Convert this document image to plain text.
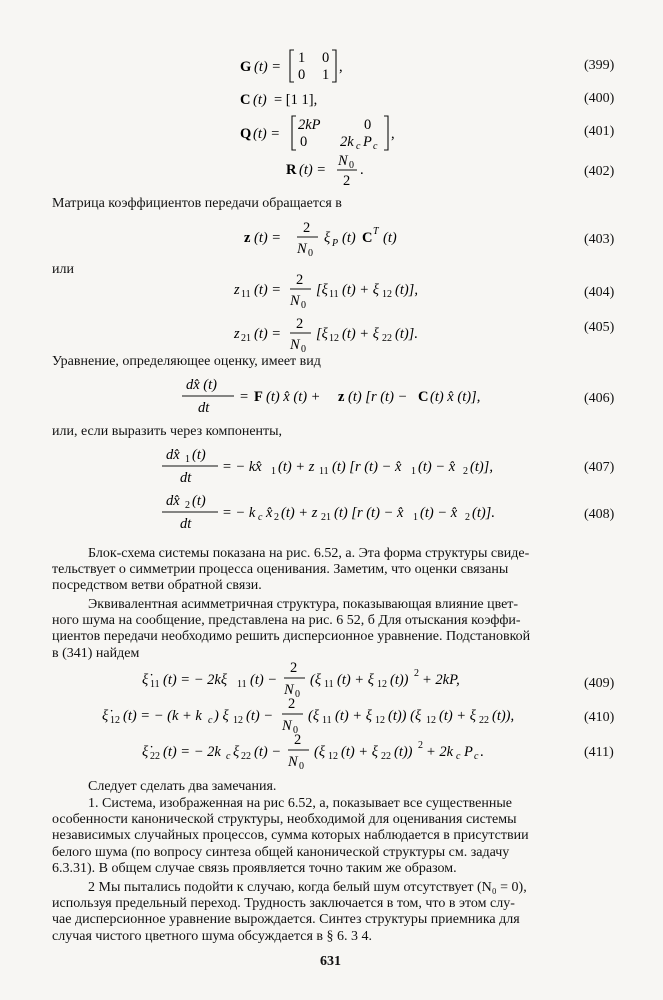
G (t) =
1 0
0 1 ,	(399)
C (t) = [1 1],	(400)
Q (t) =
2kP	0
0 2k c P c
,	(401)
R (t) =
N 0
2
.	(402)
Матрица коэффициентов передачи обращается в
z (t) =
2
N 0
ξ P (t) C T (t)	(403)
или
z 11 (t) =
2
N 0
[ξ 11 (t) + ξ 12 (t)],	(404)
z 21 (t) =
2
N 0
[ξ 12 (t) + ξ 22 (t)].	(405)
Уравнение, определяющее оценку, имеет вид
dx̂ (t)
dt
= F (t) x̂ (t) + z (t) [r (t) − C (t) x̂ (t)],	(406)
или, если выразить через компоненты,
dx̂ 1 (t)
dt
= − kx̂ 1 (t) + z 11 (t) [r (t) − x̂ 1 (t) − x̂ 2 (t)],	(407)
dx̂ 2 (t)
dt
= − k c x̂ 2 (t) + z 21 (t) [r (t) − x̂ 1 (t) − x̂ 2 (t)].	(408)
Блок-схема системы показана на рис. 6.52, а. Эта форма структуры свиде-
тельствует о симметрии процесса оценивания. Заметим, что оценки связаны
посредством ветви обратной связи.
Эквивалентная асимметричная структура, показывающая влияние цвет-
ного шума на сообщение, представлена на рис. 6 52, б Для отыскания коэффи-
циентов передачи необходимо решить дисперсионное уравнение. Подстановкой
в (341) найдем
ξ̇ 11 (t) = − 2kξ 11 (t) −
2
N 0
(ξ 11 (t) + ξ 12 (t)) 2 + 2kP,	(409)
ξ̇ 12 (t) = − (k + k c ) ξ 12 (t) −
2
N 0
(ξ 11 (t) + ξ 12 (t)) (ξ 12 (t) + ξ 22 (t)),	(410)
ξ̇ 22 (t) = − 2k c ξ 22 (t) −
2
N 0
(ξ 12 (t) + ξ 22 (t)) 2 + 2k c P c .	(411)
Следует сделать два замечания.
1. Система, изображенная на рис 6.52, а, показывает все существенные
особенности канонической структуры, необходимой для оценивания системы
независимых случайных процессов, сумма которых наблюдается в присутствии
белого шума (по вопросу синтеза общей канонической структуры см. задачу
6.3.31). В общем случае связь проявляется точно таким же образом.
2 Мы пытались подойти к случаю, когда белый шум отсутствует (N₀ = 0),
используя предельный переход. Трудность заключается в том, что в этом слу-
чае дисперсионное уравнение вырождается. Синтез структуры приемника для
случая чистого цветного шума обсуждается в § 6. 3 4.
631
